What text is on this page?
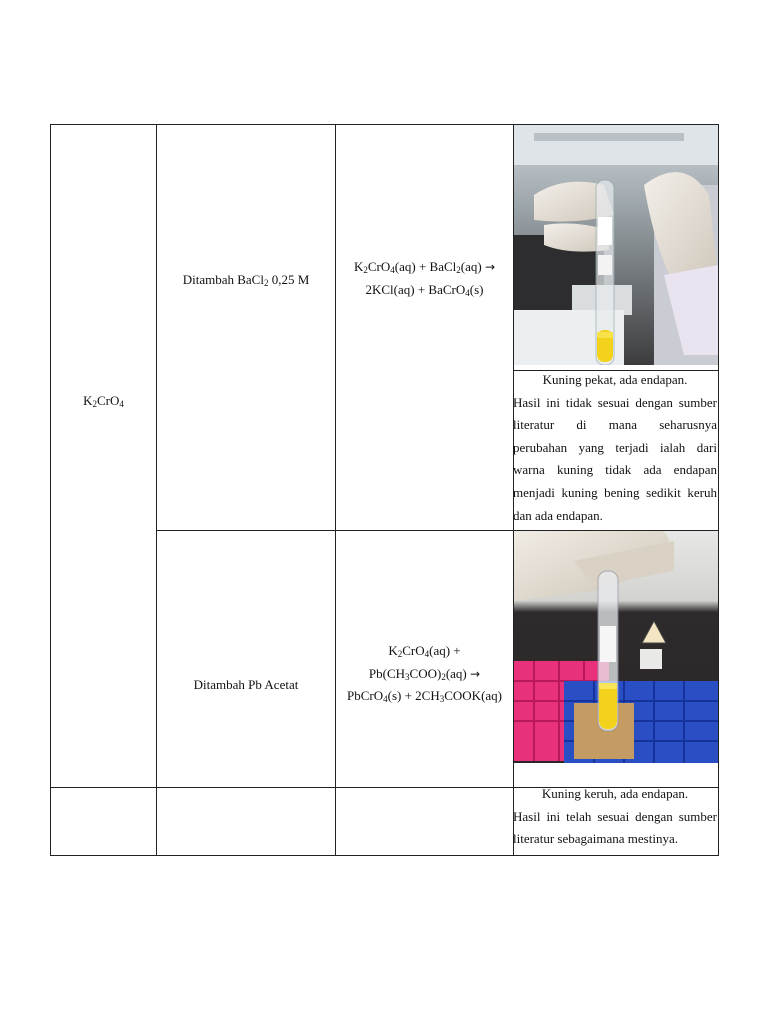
$K_2CrO_4$
Ditambah BaCl$_2$ 0,25 M
$K_2CrO_4(aq)$ + BaCl$_2$(aq) →
2KCl(aq) + BaCrO$_4$(s)
Kuning pekat, ada endapan.
Hasil ini tidak sesuai dengan sumber literatur di mana seharusnya perubahan yang terjadi ialah dari warna kuning tidak ada endapan menjadi kuning bening sedikit keruh dan ada endapan.
Ditambah Pb Acetat
$K_2CrO_4(aq)$ +
$Pb(CH_3COO)_2(aq)$ →
PbCrO$_4$(s) + $2CH_3COOK(aq)$
Kuning keruh, ada endapan.
Hasil ini telah sesuai dengan sumber literatur sebagaimana mestinya.
